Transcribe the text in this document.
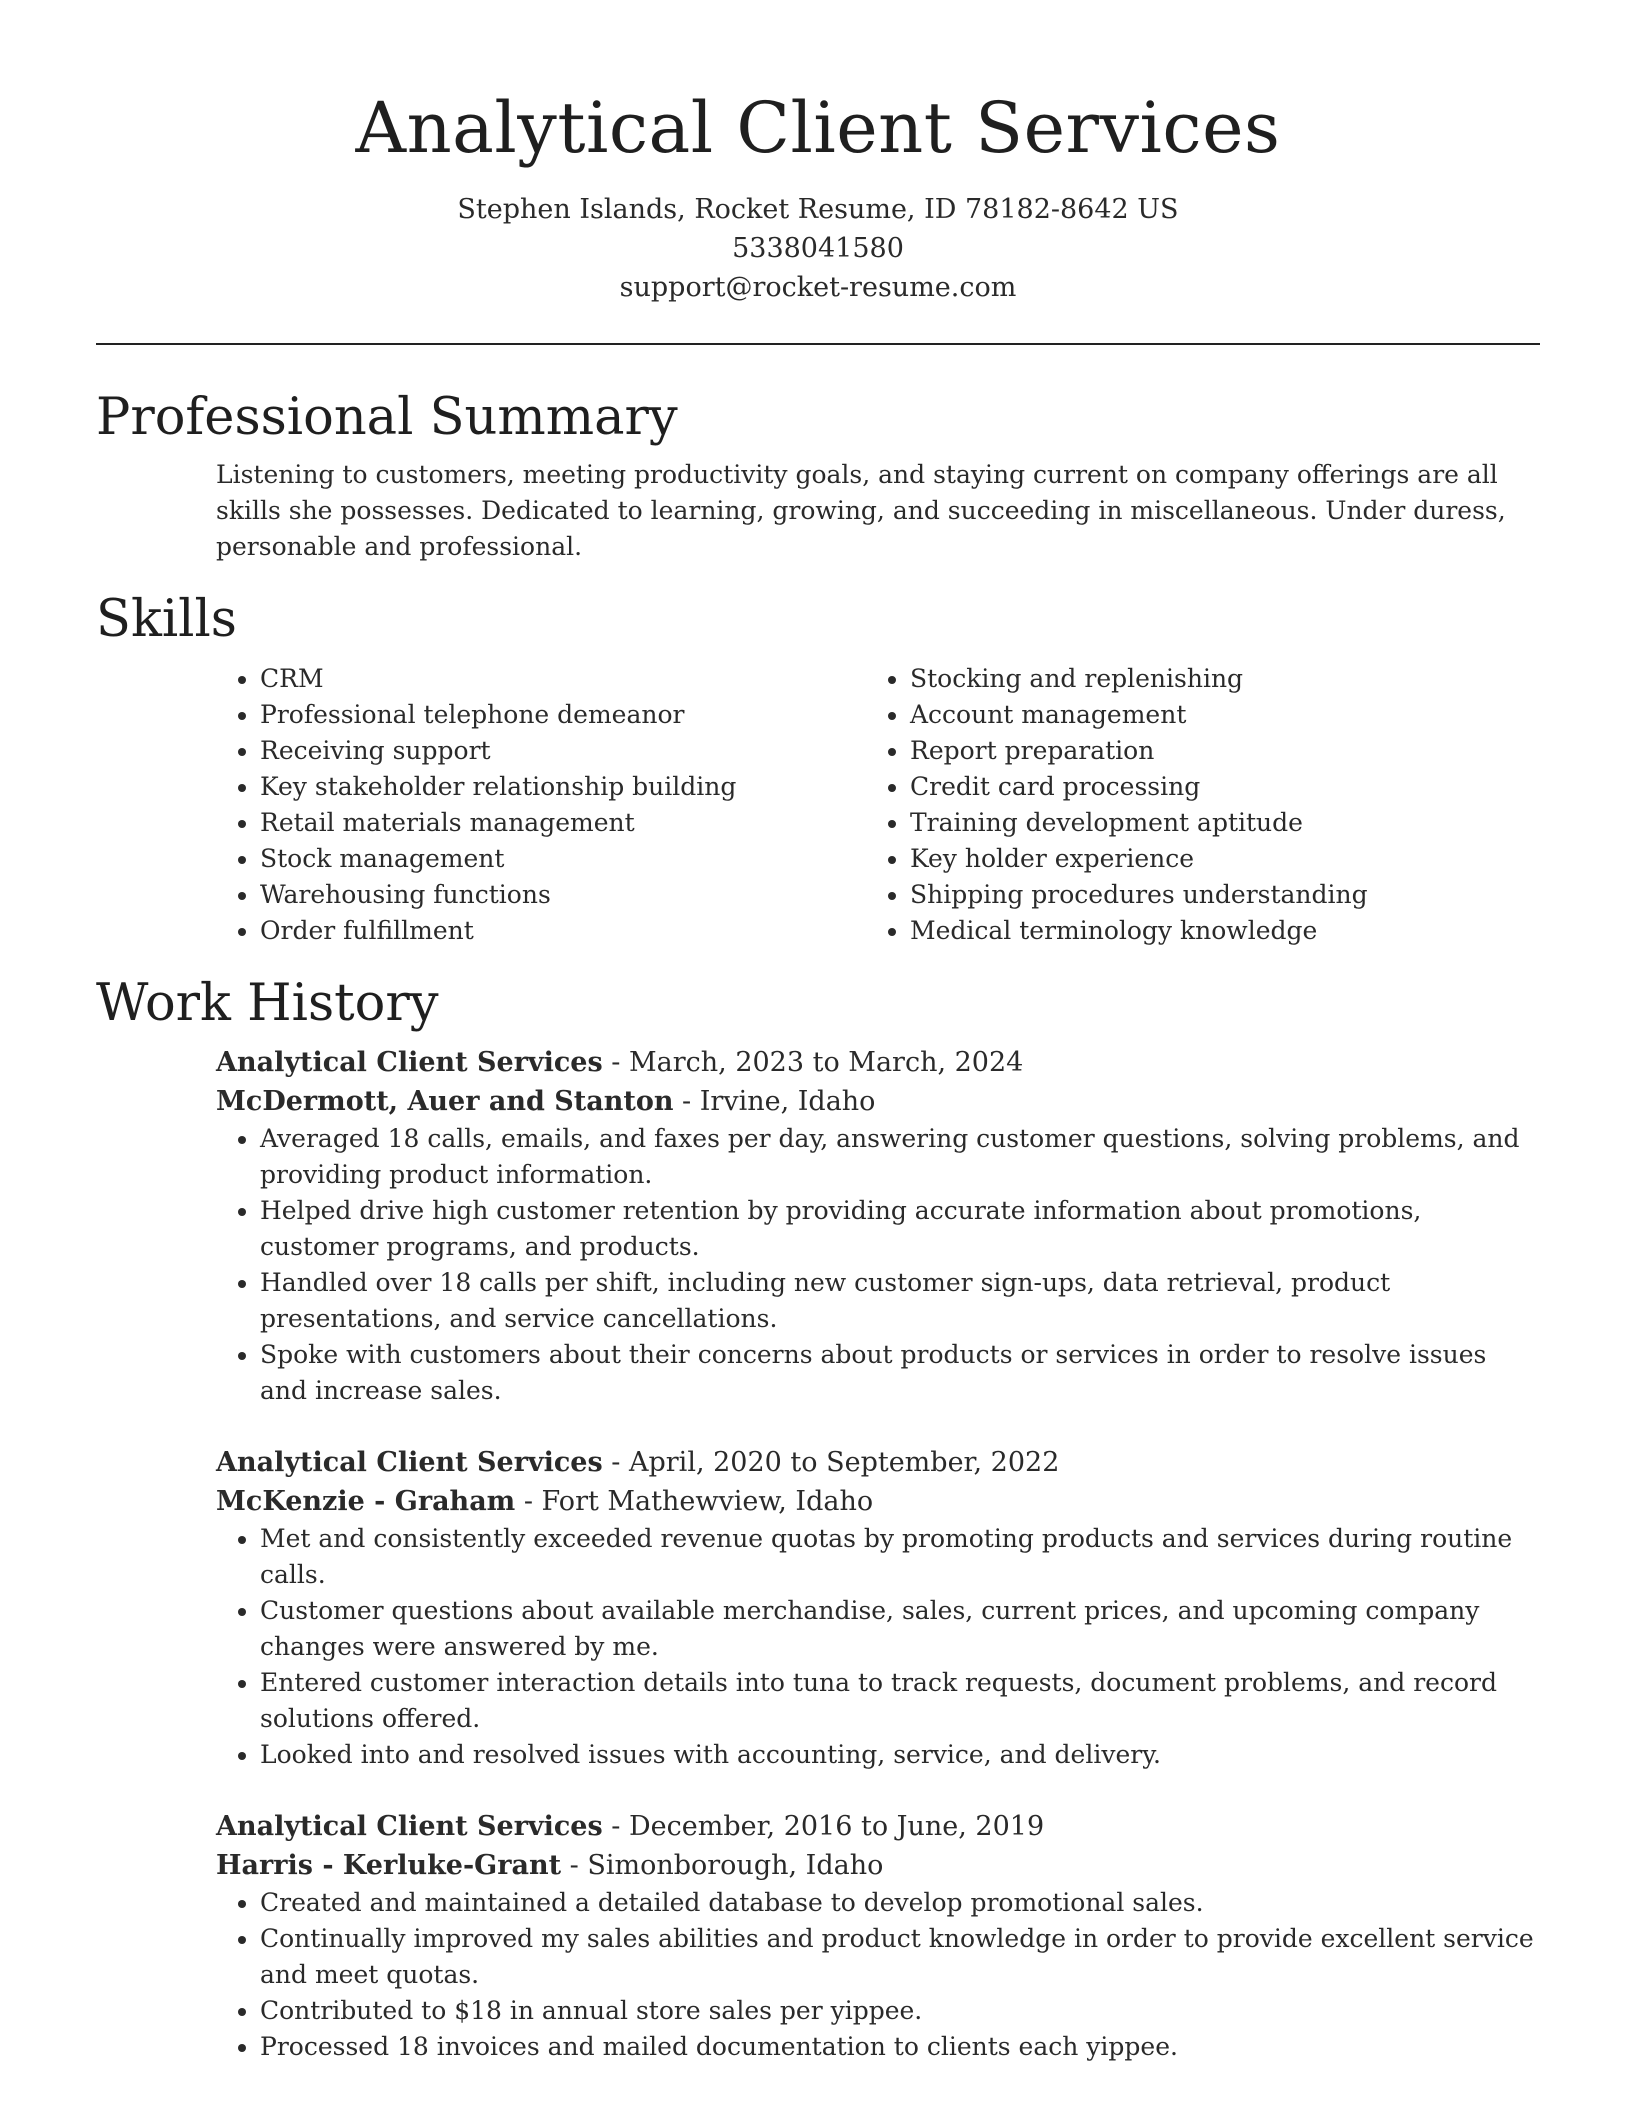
Analytical Client Services
Stephen Islands, Rocket Resume, ID 78182-8642 US
5338041580
support@rocket-resume.com
Professional Summary

Listening to customers, meeting productivity goals, and staying current on company offerings are all skills she possesses. Dedicated to learning, growing, and succeeding in miscellaneous. Under duress, personable and professional.

Skills
• CRM
• Professional telephone demeanor
• Receiving support
• Key stakeholder relationship building
• Retail materials management
• Stock management
• Warehousing functions
• Order fulfillment
• Stocking and replenishing
• Account management
• Report preparation
• Credit card processing
• Training development aptitude
• Key holder experience
• Shipping procedures understanding
• Medical terminology knowledge
Work History
Analytical Client Services - March, 2023 to March, 2024
McDermott, Auer and Stanton - Irvine, Idaho
• Averaged 18 calls, emails, and faxes per day, answering customer questions, solving problems, and providing product information.
• Helped drive high customer retention by providing accurate information about promotions, customer programs, and products.
• Handled over 18 calls per shift, including new customer sign-ups, data retrieval, product presentations, and service cancellations.
• Spoke with customers about their concerns about products or services in order to resolve issues and increase sales.
Analytical Client Services - April, 2020 to September, 2022
McKenzie - Graham - Fort Mathewview, Idaho
• Met and consistently exceeded revenue quotas by promoting products and services during routine calls.
• Customer questions about available merchandise, sales, current prices, and upcoming company changes were answered by me.
• Entered customer interaction details into tuna to track requests, document problems, and record solutions offered.
• Looked into and resolved issues with accounting, service, and delivery.
Analytical Client Services - December, 2016 to June, 2019
Harris - Kerluke-Grant - Simonborough, Idaho
• Created and maintained a detailed database to develop promotional sales.
• Continually improved my sales abilities and product knowledge in order to provide excellent service and meet quotas.
• Contributed to $18 in annual store sales per yippee.
• Processed 18 invoices and mailed documentation to clients each yippee.
